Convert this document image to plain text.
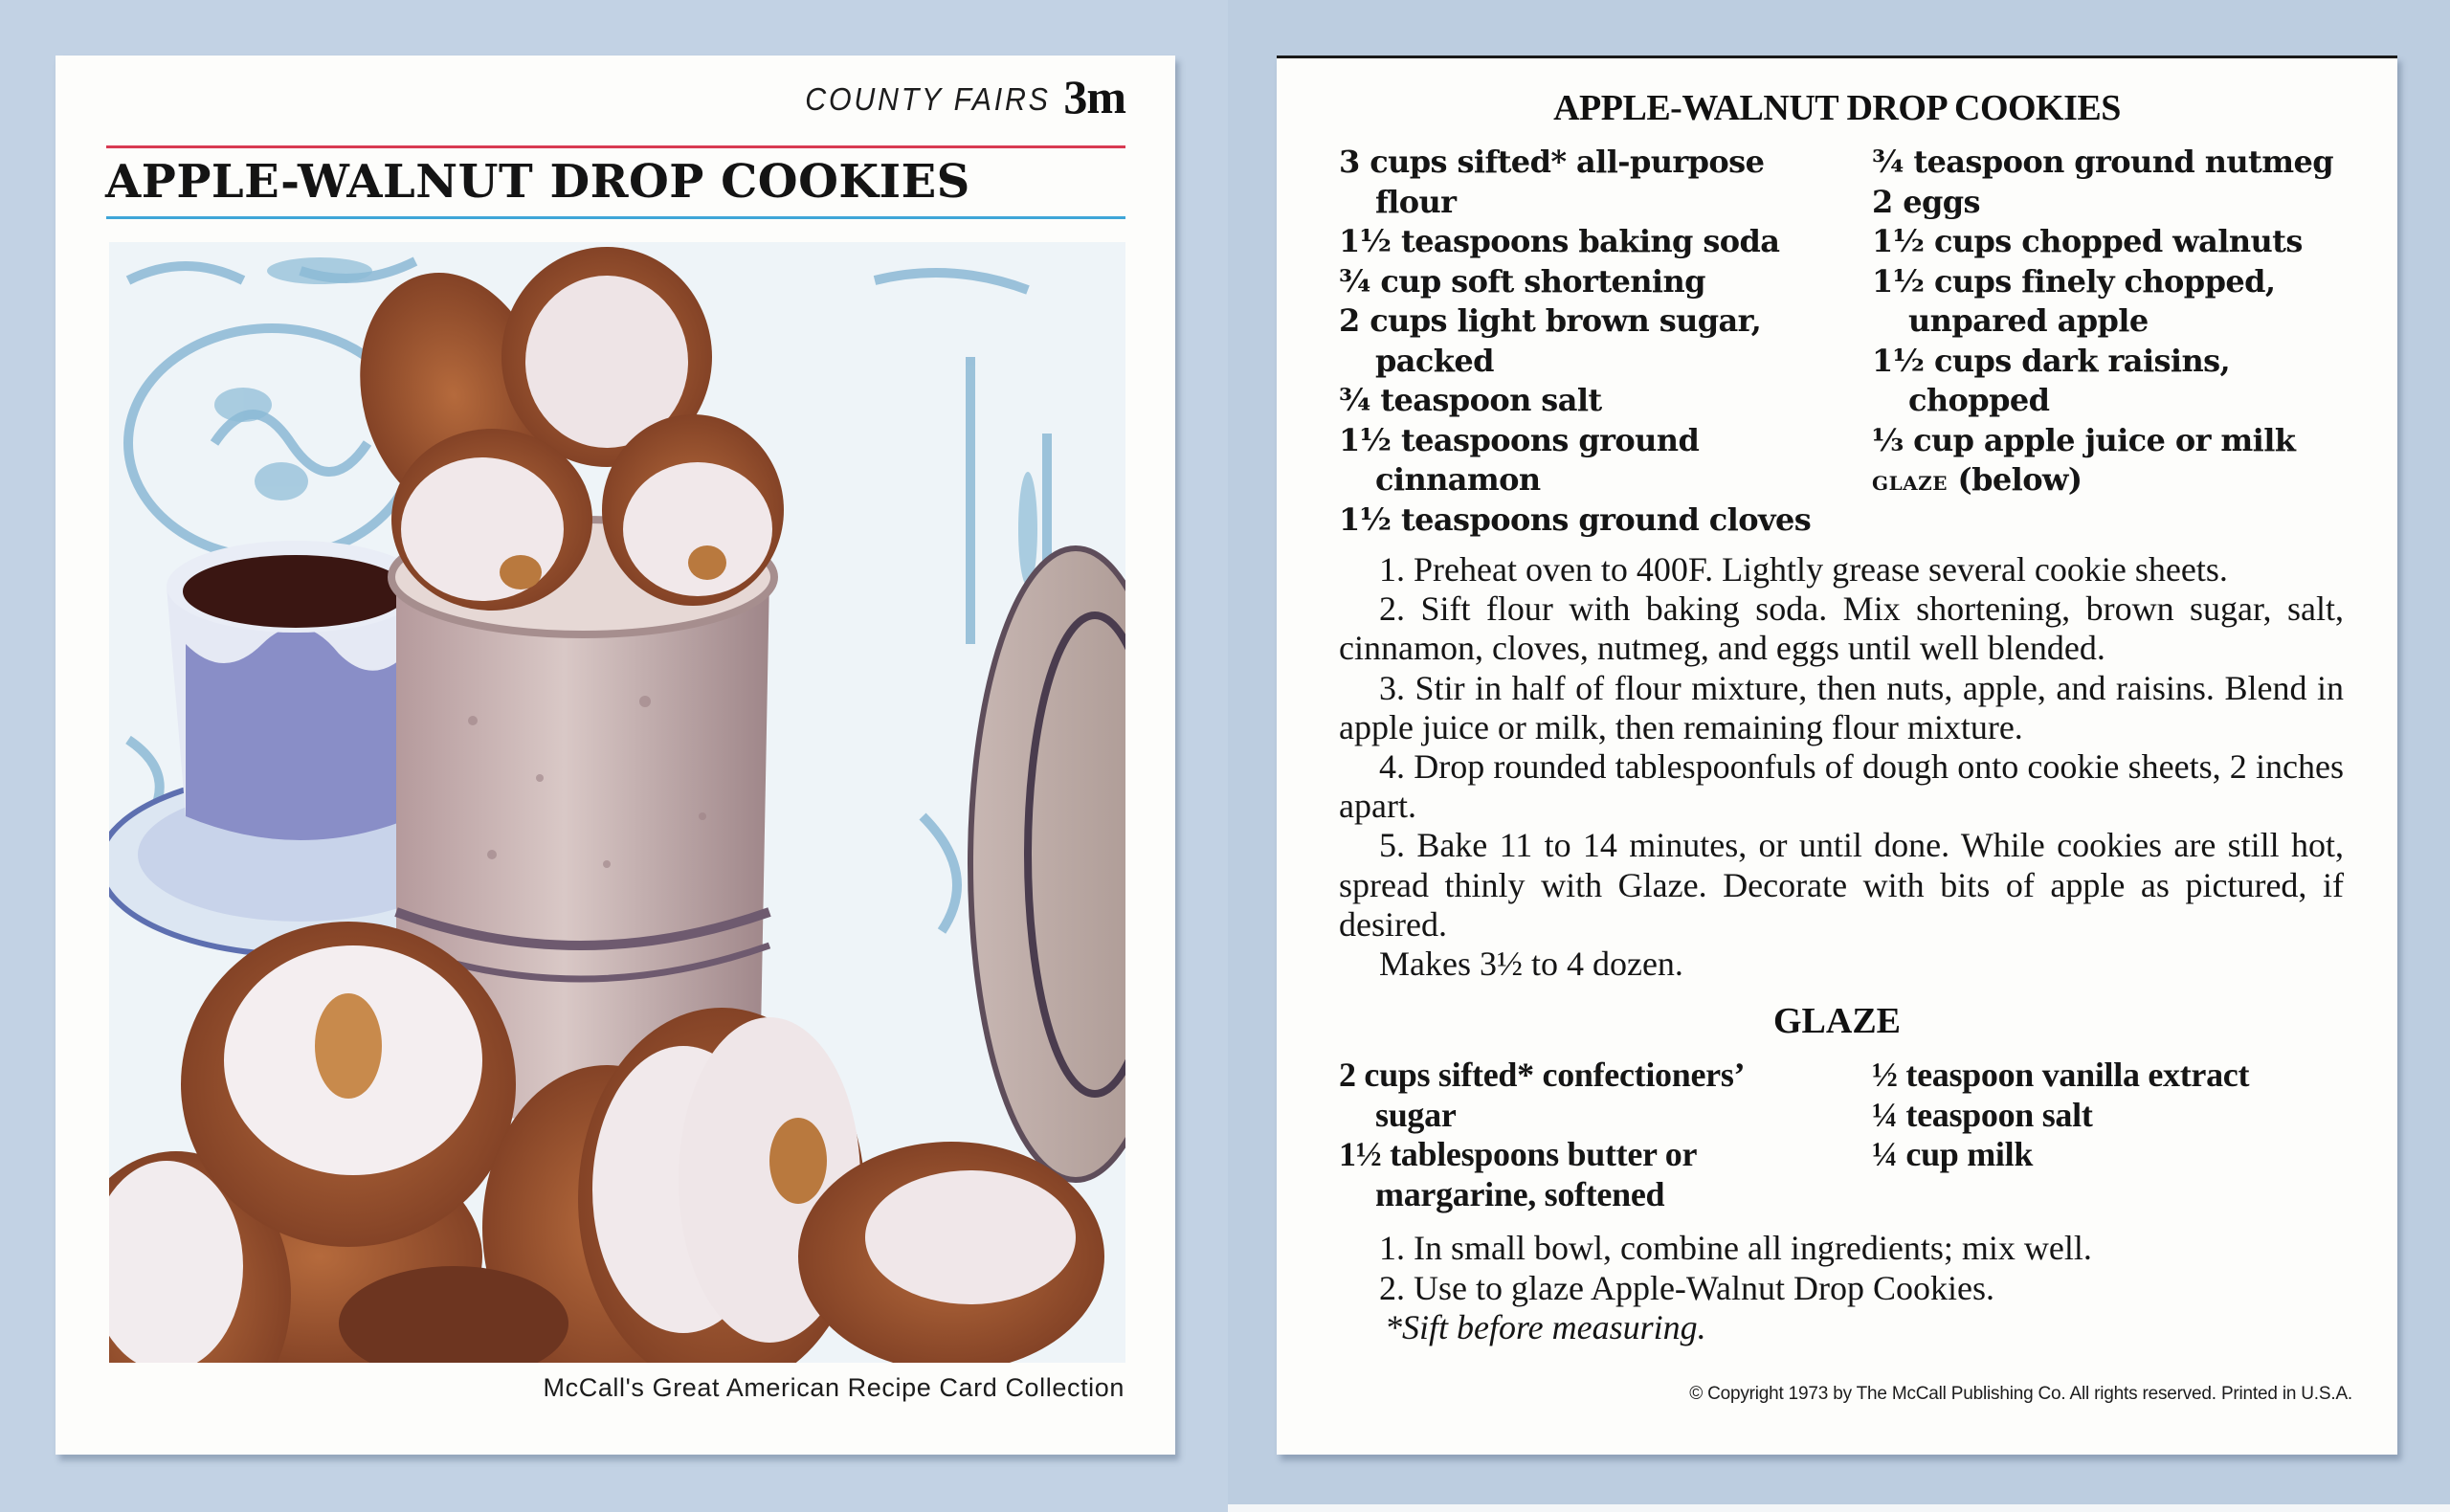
COUNTY FAIRS 3m
APPLE-WALNUT DROP COOKIES
McCall's Great American Recipe Card Collection
APPLE-WALNUT DROP COOKIES
3 cups sifted* all-purpose
flour
1½ teaspoons baking soda
¾ cup soft shortening
2 cups light brown sugar,
packed
¾ teaspoon salt
1½ teaspoons ground
cinnamon
1½ teaspoons ground cloves
¾ teaspoon ground nutmeg
2 eggs
1½ cups chopped walnuts
1½ cups finely chopped,
unpared apple
1½ cups dark raisins,
chopped
⅓ cup apple juice or milk
glaze (below)

1. Preheat oven to 400F. Lightly grease several cookie sheets.

2. Sift flour with baking soda. Mix shortening, brown sugar, salt, cinnamon, cloves, nutmeg, and eggs until well blended.

3. Stir in half of flour mixture, then nuts, apple, and raisins. Blend in apple juice or milk, then remaining flour mixture.

4. Drop rounded tablespoonfuls of dough onto cookie sheets, 2 inches apart.

5. Bake 11 to 14 minutes, or until done. While cookies are still hot, spread thinly with Glaze. Decorate with bits of apple as pictured, if desired.

Makes 3½ to 4 dozen.

GLAZE
2 cups sifted* confectioners’
sugar
1½ tablespoons butter or
margarine, softened
½ teaspoon vanilla extract
¼ teaspoon salt
¼ cup milk

1. In small bowl, combine all ingredients; mix well.

2. Use to glaze Apple-Walnut Drop Cookies.

*Sift before measuring.

© Copyright 1973 by The McCall Publishing Co. All rights reserved. Printed in U.S.A.
